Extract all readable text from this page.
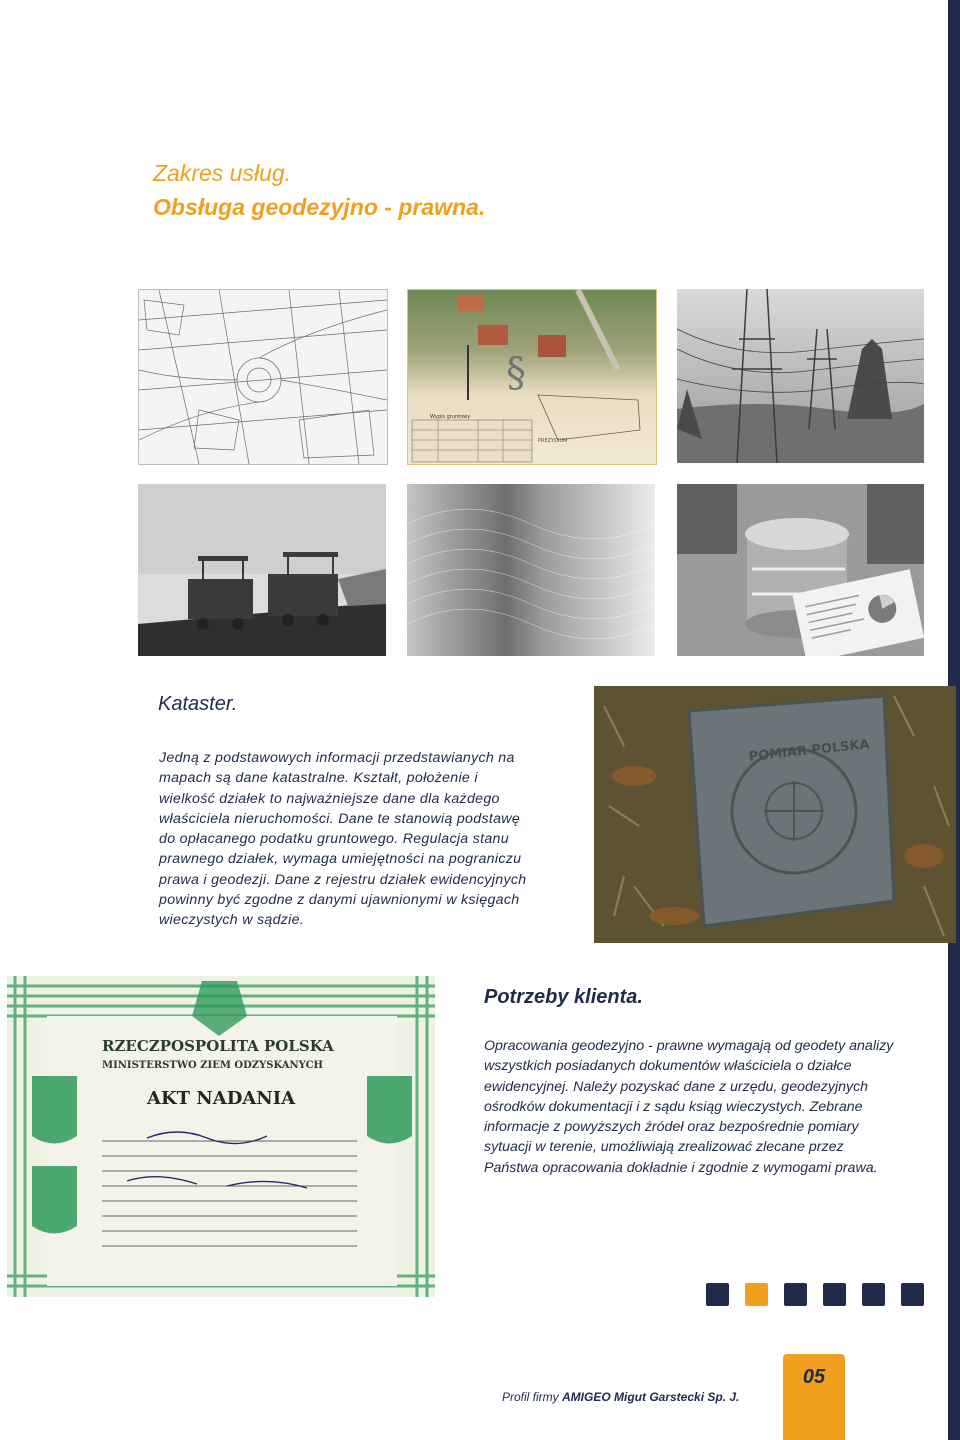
Zakres usług.
Obsługa geodezyjno - prawna.
§
Wypis gruntowy
PREZYDIUM
Kataster.
Jedną z podstawowych informacji przedstawianych na
mapach są dane katastralne. Kształt, położenie i
wielkość działek to najważniejsze dane dla każdego
właściciela nieruchomości. Dane te stanowią podstawę
do opłacanego podatku gruntowego. Regulacja stanu
prawnego działek, wymaga umiejętności na pograniczu
prawa i geodezji. Dane z rejestru działek ewidencyjnych
powinny być zgodne z danymi ujawnionymi w księgach
wieczystych w sądzie.
POMIAR POLSKA
RZECZPOSPOLITA POLSKA
MINISTERSTWO ZIEM ODZYSKANYCH
AKT NADANIA
Potrzeby klienta.
Opracowania geodezyjno - prawne wymagają od geodety analizy
wszystkich posiadanych dokumentów właściciela o działce
ewidencyjnej. Należy pozyskać dane z urzędu, geodezyjnych
ośrodków dokumentacji i z sądu ksiąg wieczystych. Zebrane
informacje z powyższych źródeł oraz bezpośrednie pomiary
sytuacji w terenie, umożliwiają zrealizować zlecane przez
Państwa opracowania dokładnie i zgodnie z wymogami prawa.
Profil firmy AMIGEO Migut Garstecki Sp. J.
05
